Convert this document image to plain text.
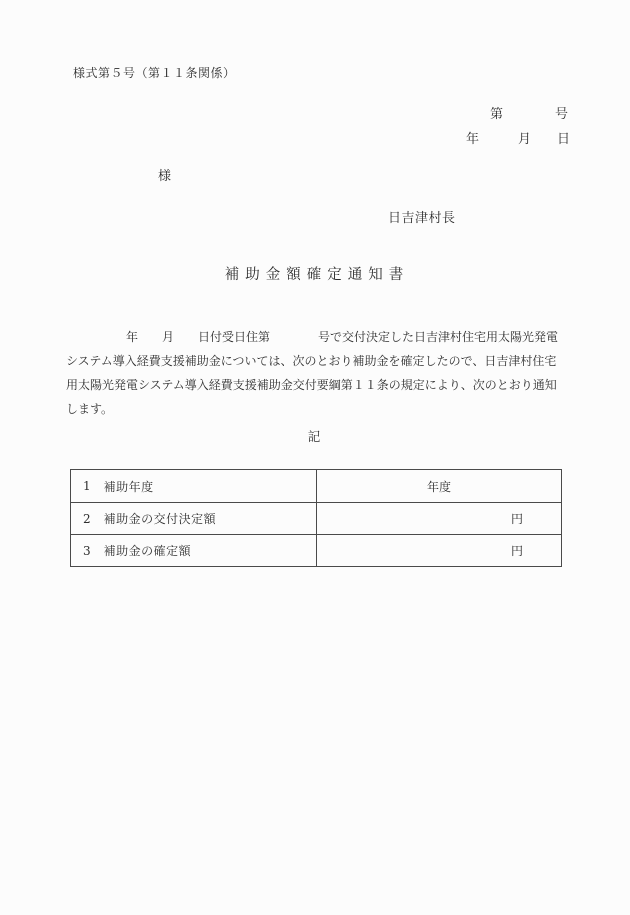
様式第５号（第１１条関係）
第　　　　号
年　　　月　　日
様
日吉津村長
補助金額確定通知書
　　　　　年　　月　　日付受日住第　　　　号で交付決定した日吉津村住宅用太陽光発電
システム導入経費支援補助金については、次のとおり補助金を確定したので、日吉津村住宅
用太陽光発電システム導入経費支援補助金交付要綱第１１条の規定により、次のとおり通知
します。
記
1 補助年度	年度
2 補助金の交付決定額	円
3 補助金の確定額	円
